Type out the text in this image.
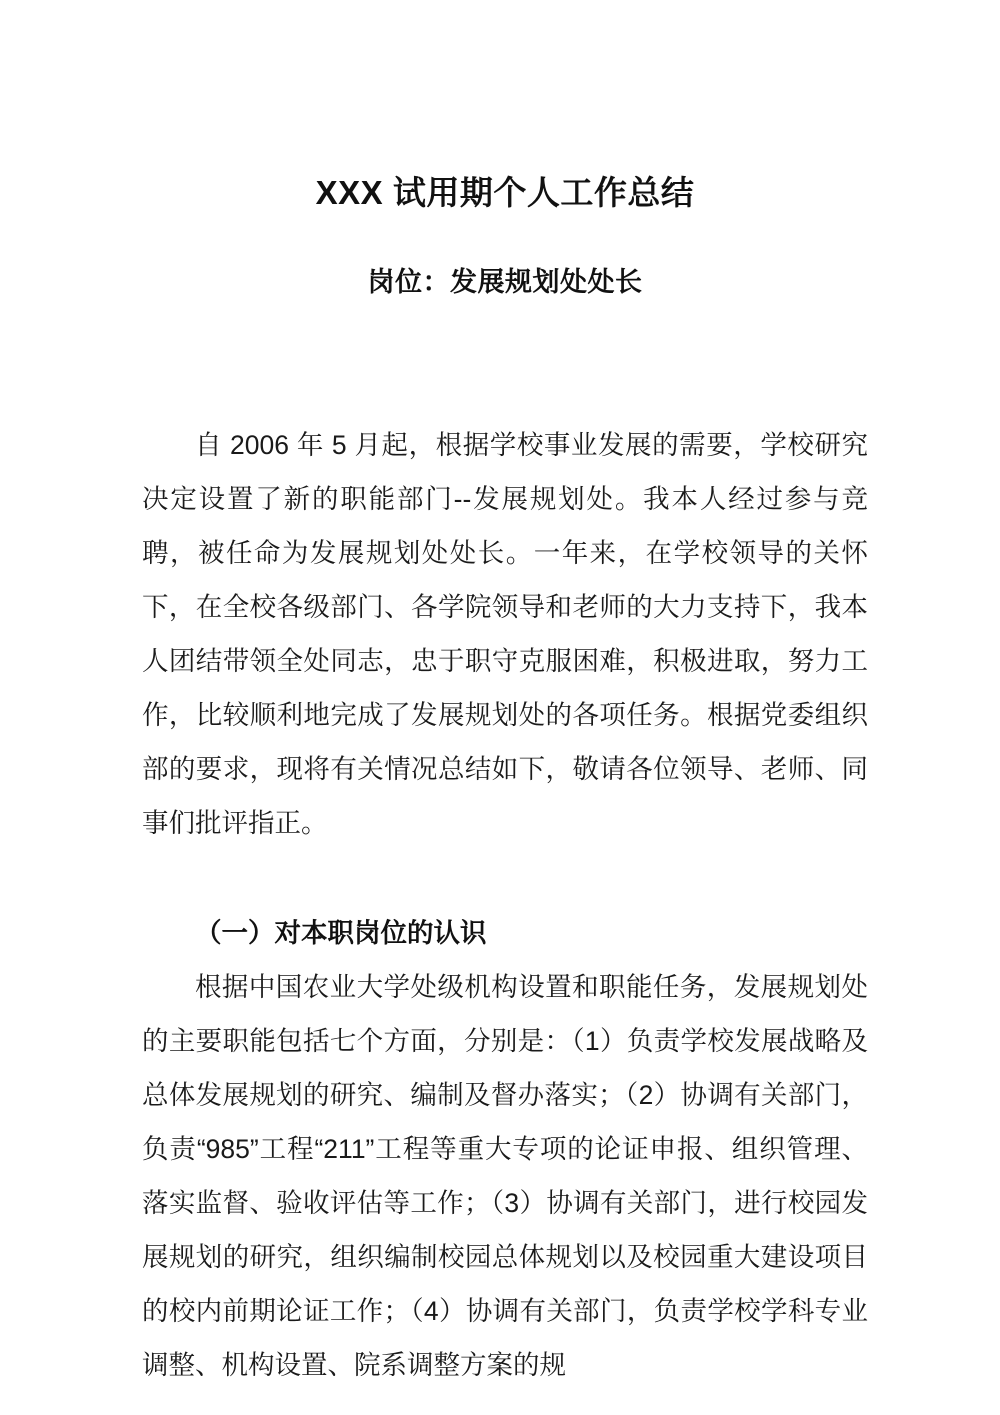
XXX 试用期个人工作总结
岗位：发展规划处处长

自 2006 年 5 月起，根据学校事业发展的需要，学校研究决定设置了新的职能部门--发展规划处。我本人经过参与竞聘，被任命为发展规划处处长。一年来，在学校领导的关怀下，在全校各级部门、各学院领导和老师的大力支持下，我本人团结带领全处同志，忠于职守克服困难，积极进取，努力工作，比较顺利地完成了发展规划处的各项任务。根据党委组织部的要求，现将有关情况总结如下，敬请各位领导、老师、同事们批评指正。

（一）对本职岗位的认识

根据中国农业大学处级机构设置和职能任务，发展规划处的主要职能包括七个方面，分别是：（1）负责学校发展战略及总体发展规划的研究、编制及督办落实；（2）协调有关部门，负责“985”工程“211”工程等重大专项的论证申报、组织管理、落实监督、验收评估等工作；（3）协调有关部门，进行校园发展规划的研究，组织编制校园总体规划以及校园重大建设项目的校内前期论证工作；（4）协调有关部门，负责学校学科专业调整、机构设置、院系调整方案的规
